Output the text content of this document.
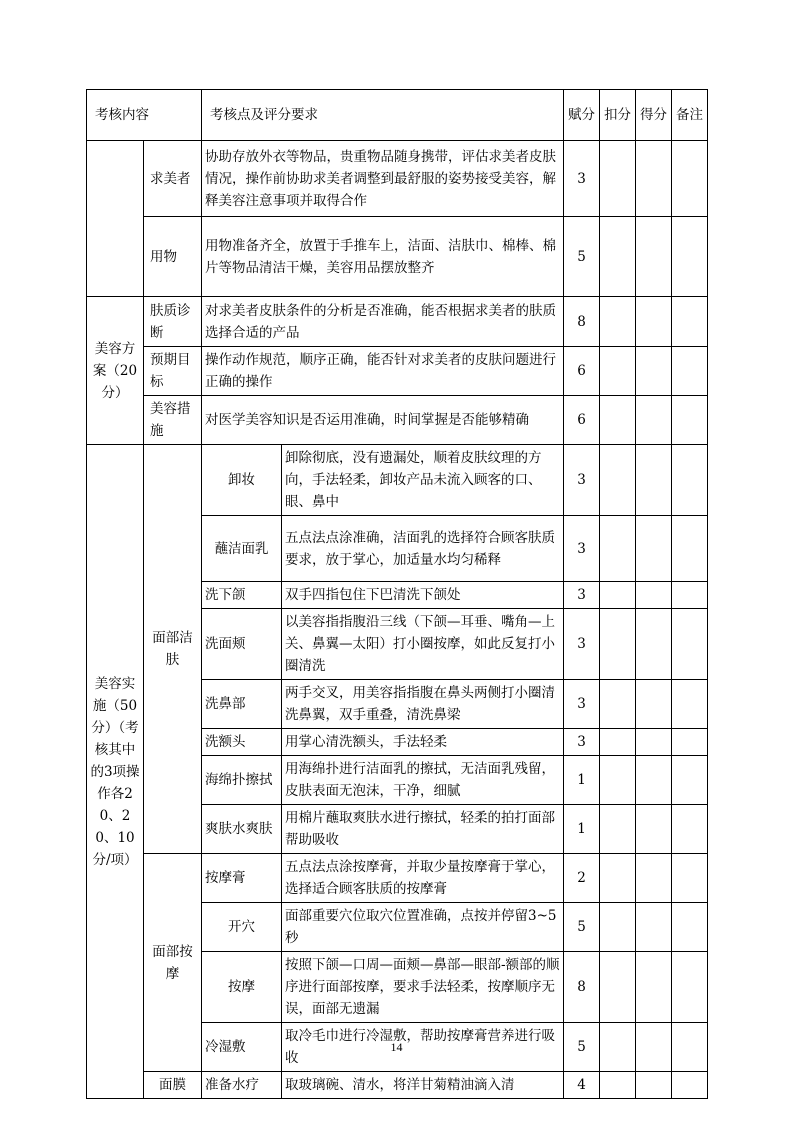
考核内容		考核点及评分要求		赋分	扣分	得分	备注
	求美者	协助存放外衣等物品，贵重物品随身携带，评估求美者皮肤情况，操作前协助求美者调整到最舒服的姿势接受美容，解释美容注意事项并取得合作		3			
	用物	用物准备齐全，放置于手推车上，洁面、洁肤巾、棉棒、棉片等物品清洁干燥，美容用品摆放整齐		5			
美容方案（20分）	肤质诊断	对求美者皮肤条件的分析是否准确，能否根据求美者的肤质选择合适的产品		8			
	预期目标	操作动作规范，顺序正确，能否针对求美者的皮肤问题进行正确的操作		6			
	美容措施	对医学美容知识是否运用准确，时间掌握是否能够精确		6			
美容实施（50分）（考核其中的3项操作各20、20、10分/项）	面部洁肤	卸妆	卸除彻底，没有遗漏处，顺着皮肤纹理的方向，手法轻柔，卸妆产品未流入顾客的口、眼、鼻中	3			
		蘸洁面乳	五点法点涂准确，洁面乳的选择符合顾客肤质要求，放于掌心，加适量水均匀稀释	3			
		洗下颌	双手四指包住下巴清洗下颌处	3			
		洗面颊	以美容指指腹沿三线（下颌—耳垂、嘴角—上关、鼻翼—太阳）打小圈按摩，如此反复打小圈清洗	3			
		洗鼻部	两手交叉，用美容指指腹在鼻头两侧打小圈清洗鼻翼，双手重叠，清洗鼻梁	3			
		洗额头	用掌心清洗额头，手法轻柔	3			
		海绵扑擦拭	用海绵扑进行洁面乳的擦拭，无洁面乳残留，皮肤表面无泡沫，干净，细腻	1			
		爽肤水爽肤	用棉片蘸取爽肤水进行擦拭，轻柔的拍打面部帮助吸收	1			
	面部按摩	按摩膏	五点法点涂按摩膏，并取少量按摩膏于掌心，选择适合顾客肤质的按摩膏	2			
		开穴	面部重要穴位取穴位置准确，点按并停留3~5秒	5			
		按摩	按照下颌—口周—面颊—鼻部—眼部-额部的顺序进行面部按摩，要求手法轻柔，按摩顺序无误，面部无遗漏	8			
		冷湿敷	取冷毛巾进行冷湿敷，帮助按摩膏营养进行吸收	5			
	面膜	准备水疗	取玻璃碗、清水，将洋甘菊精油滴入清	4			
14
